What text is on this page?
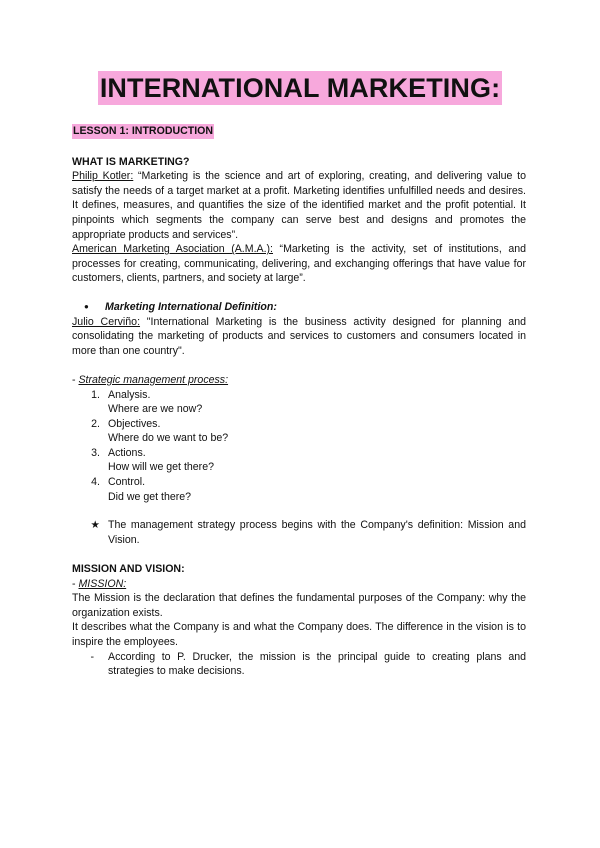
INTERNATIONAL MARKETING:
LESSON 1: INTRODUCTION
WHAT IS MARKETING?

Philip Kotler: “Marketing is the science and art of exploring, creating, and delivering value to satisfy the needs of a target market at a profit. Marketing identifies unfulfilled needs and desires. It defines, measures, and quantifies the size of the identified market and the profit potential. It pinpoints which segments the company can serve best and designs and promotes the appropriate products and services”.

American Marketing Asociation (A.M.A.): “Marketing is the activity, set of institutions, and processes for creating, communicating, delivering, and exchanging offerings that have value for customers, clients, partners, and society at large”.

●	Marketing International Definition:

Julio Cerviño: "International Marketing is the business activity designed for planning and consolidating the marketing of products and services to customers and consumers located in more than one country".

- Strategic management process:
1. Analysis.
Where are we now?
2. Objectives.
Where do we want to be?
3. Actions.
How will we get there?
4. Control.
Did we get there?
★ The management strategy process begins with the Company's definition: Mission and Vision.

MISSION AND VISION:
- MISSION:

The Mission is the declaration that defines the fundamental purposes of the Company: why the organization exists.

It describes what the Company is and what the Company does. The difference in the vision is to inspire the employees.

-	According to P. Drucker, the mission is the principal guide to creating plans and strategies to make decisions.
